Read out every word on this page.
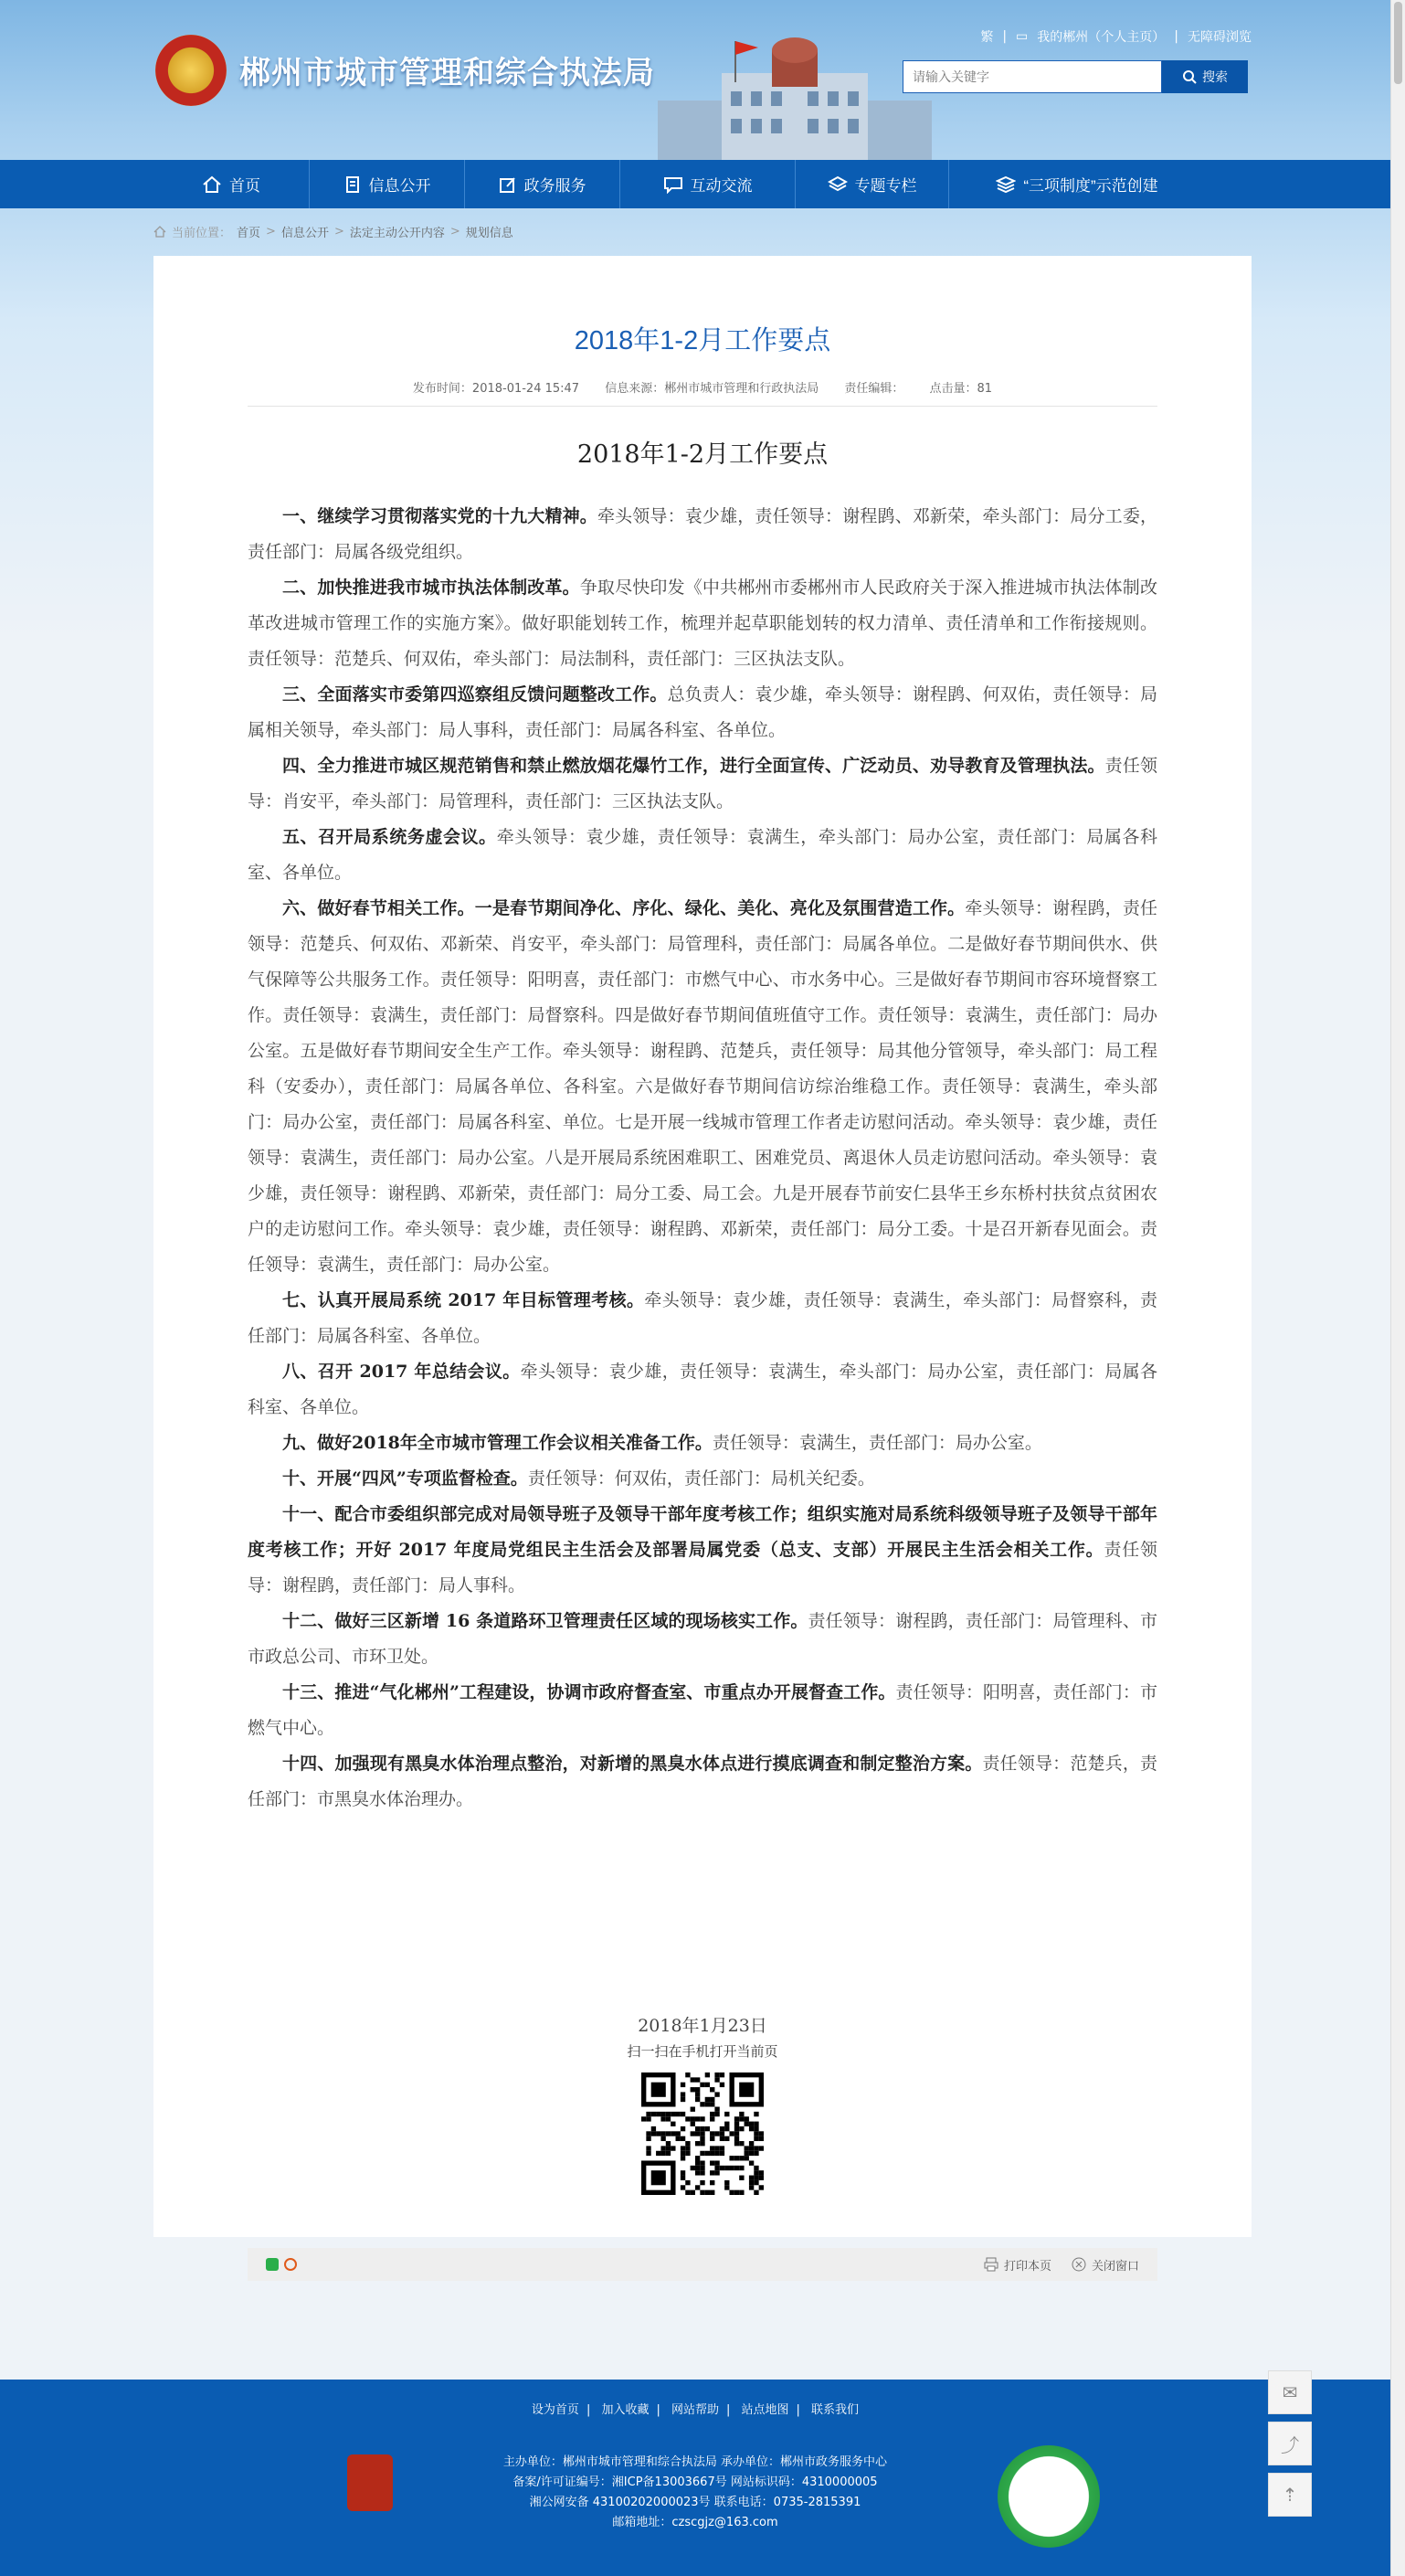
郴州市城市管理和综合执法局
繁 | ▭ 我的郴州（个人主页） | 无障碍浏览
请输入关键字
搜索
首页	信息公开	政务服务	互动交流	专题专栏	“三项制度”示范创建
当前位置： 首页 > 信息公开 > 法定主动公开内容 > 规划信息
2018年1-2月工作要点
发布时间：2018-01-24 15:47 信息来源：郴州市城市管理和行政执法局 责任编辑： 点击量：81
2018年1-2月工作要点

一、继续学习贯彻落实党的十九大精神。牵头领导：袁少雄，责任领导：谢程鹍、邓新荣，牵头部门：局分工委，责任部门：局属各级党组织。

二、加快推进我市城市执法体制改革。争取尽快印发《中共郴州市委郴州市人民政府关于深入推进城市执法体制改革改进城市管理工作的实施方案》。做好职能划转工作，梳理并起草职能划转的权力清单、责任清单和工作衔接规则。责任领导：范楚兵、何双佑，牵头部门：局法制科，责任部门：三区执法支队。

三、全面落实市委第四巡察组反馈问题整改工作。总负责人：袁少雄，牵头领导：谢程鹍、何双佑，责任领导：局属相关领导，牵头部门：局人事科，责任部门：局属各科室、各单位。

四、全力推进市城区规范销售和禁止燃放烟花爆竹工作，进行全面宣传、广泛动员、劝导教育及管理执法。责任领导：肖安平，牵头部门：局管理科，责任部门：三区执法支队。

五、召开局系统务虚会议。牵头领导：袁少雄，责任领导：袁满生，牵头部门：局办公室，责任部门：局属各科室、各单位。

六、做好春节相关工作。一是春节期间净化、序化、绿化、美化、亮化及氛围营造工作。牵头领导：谢程鹍，责任领导：范楚兵、何双佑、邓新荣、肖安平，牵头部门：局管理科，责任部门：局属各单位。二是做好春节期间供水、供气保障等公共服务工作。责任领导：阳明喜，责任部门：市燃气中心、市水务中心。三是做好春节期间市容环境督察工作。责任领导：袁满生，责任部门：局督察科。四是做好春节期间值班值守工作。责任领导：袁满生，责任部门：局办公室。五是做好春节期间安全生产工作。牵头领导：谢程鹍、范楚兵，责任领导：局其他分管领导，牵头部门：局工程科（安委办），责任部门：局属各单位、各科室。六是做好春节期间信访综治维稳工作。责任领导：袁满生，牵头部门：局办公室，责任部门：局属各科室、单位。七是开展一线城市管理工作者走访慰问活动。牵头领导：袁少雄，责任领导：袁满生，责任部门：局办公室。八是开展局系统困难职工、困难党员、离退休人员走访慰问活动。牵头领导：袁少雄，责任领导：谢程鹍、邓新荣，责任部门：局分工委、局工会。九是开展春节前安仁县华王乡东桥村扶贫点贫困农户的走访慰问工作。牵头领导：袁少雄，责任领导：谢程鹍、邓新荣，责任部门：局分工委。十是召开新春见面会。责任领导：袁满生，责任部门：局办公室。

七、认真开展局系统 2017 年目标管理考核。牵头领导：袁少雄，责任领导：袁满生，牵头部门：局督察科，责任部门：局属各科室、各单位。

八、召开 2017 年总结会议。牵头领导：袁少雄，责任领导：袁满生，牵头部门：局办公室，责任部门：局属各科室、各单位。

九、做好2018年全市城市管理工作会议相关准备工作。责任领导：袁满生，责任部门：局办公室。

十、开展“四风”专项监督检查。责任领导：何双佑，责任部门：局机关纪委。

十一、配合市委组织部完成对局领导班子及领导干部年度考核工作；组织实施对局系统科级领导班子及领导干部年度考核工作；开好 2017 年度局党组民主生活会及部署局属党委（总支、支部）开展民主生活会相关工作。责任领导：谢程鹍，责任部门：局人事科。

十二、做好三区新增 16 条道路环卫管理责任区域的现场核实工作。责任领导：谢程鹍，责任部门：局管理科、市市政总公司、市环卫处。

十三、推进“气化郴州”工程建设，协调市政府督查室、市重点办开展督查工作。责任领导：阳明喜，责任部门：市燃气中心。

十四、加强现有黑臭水体治理点整治，对新增的黑臭水体点进行摸底调查和制定整治方案。责任领导：范楚兵，责任部门：市黑臭水体治理办。

2018年1月23日
扫一扫在手机打开当前页
打印本页	关闭窗口
设为首页 | 加入收藏 | 网站帮助 | 站点地图 | 联系我们
主办单位：郴州市城市管理和综合执法局 承办单位：郴州市政务服务中心
备案/许可证编号：湘ICP备13003667号 网站标识码：4310000005
湘公网安备 43100202000023号 联系电话：0735-2815391
邮箱地址：czscgjz@163.com
✉
⤴
⇡
